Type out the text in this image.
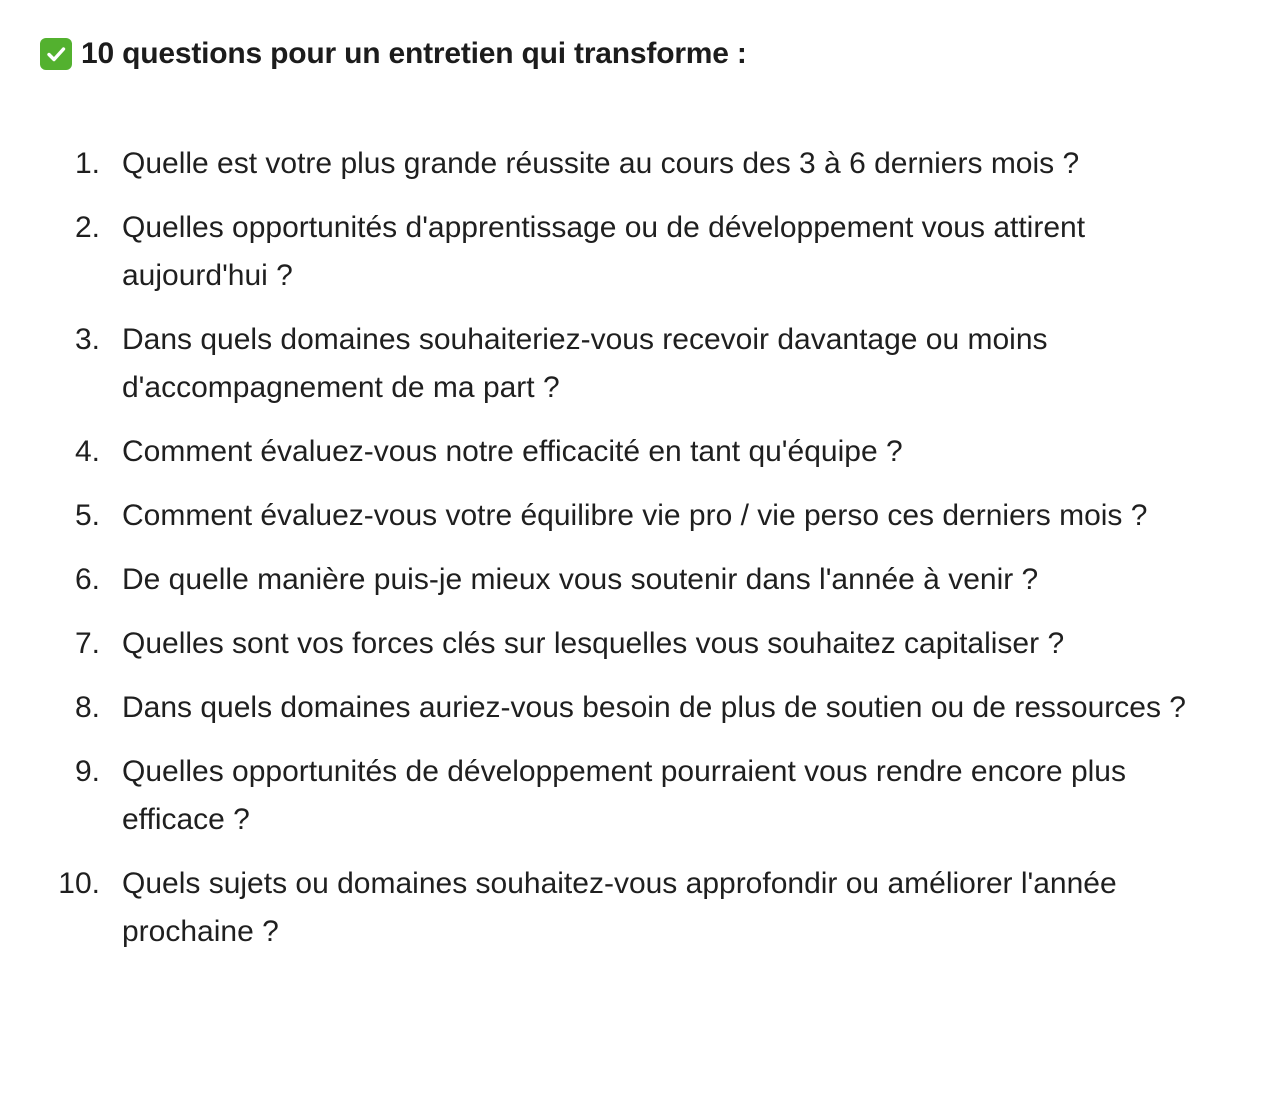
10 questions pour un entretien qui transforme :
1. Quelle est votre plus grande réussite au cours des 3 à 6 derniers mois ?
2. Quelles opportunités d'apprentissage ou de développement vous attirent aujourd'hui ?
3. Dans quels domaines souhaiteriez-vous recevoir davantage ou moins d'accompagnement de ma part ?
4. Comment évaluez-vous notre efficacité en tant qu'équipe ?
5. Comment évaluez-vous votre équilibre vie pro / vie perso ces derniers mois ?
6. De quelle manière puis-je mieux vous soutenir dans l'année à venir ?
7. Quelles sont vos forces clés sur lesquelles vous souhaitez capitaliser ?
8. Dans quels domaines auriez-vous besoin de plus de soutien ou de ressources ?
9. Quelles opportunités de développement pourraient vous rendre encore plus efficace ?
10. Quels sujets ou domaines souhaitez-vous approfondir ou améliorer l'année prochaine ?
